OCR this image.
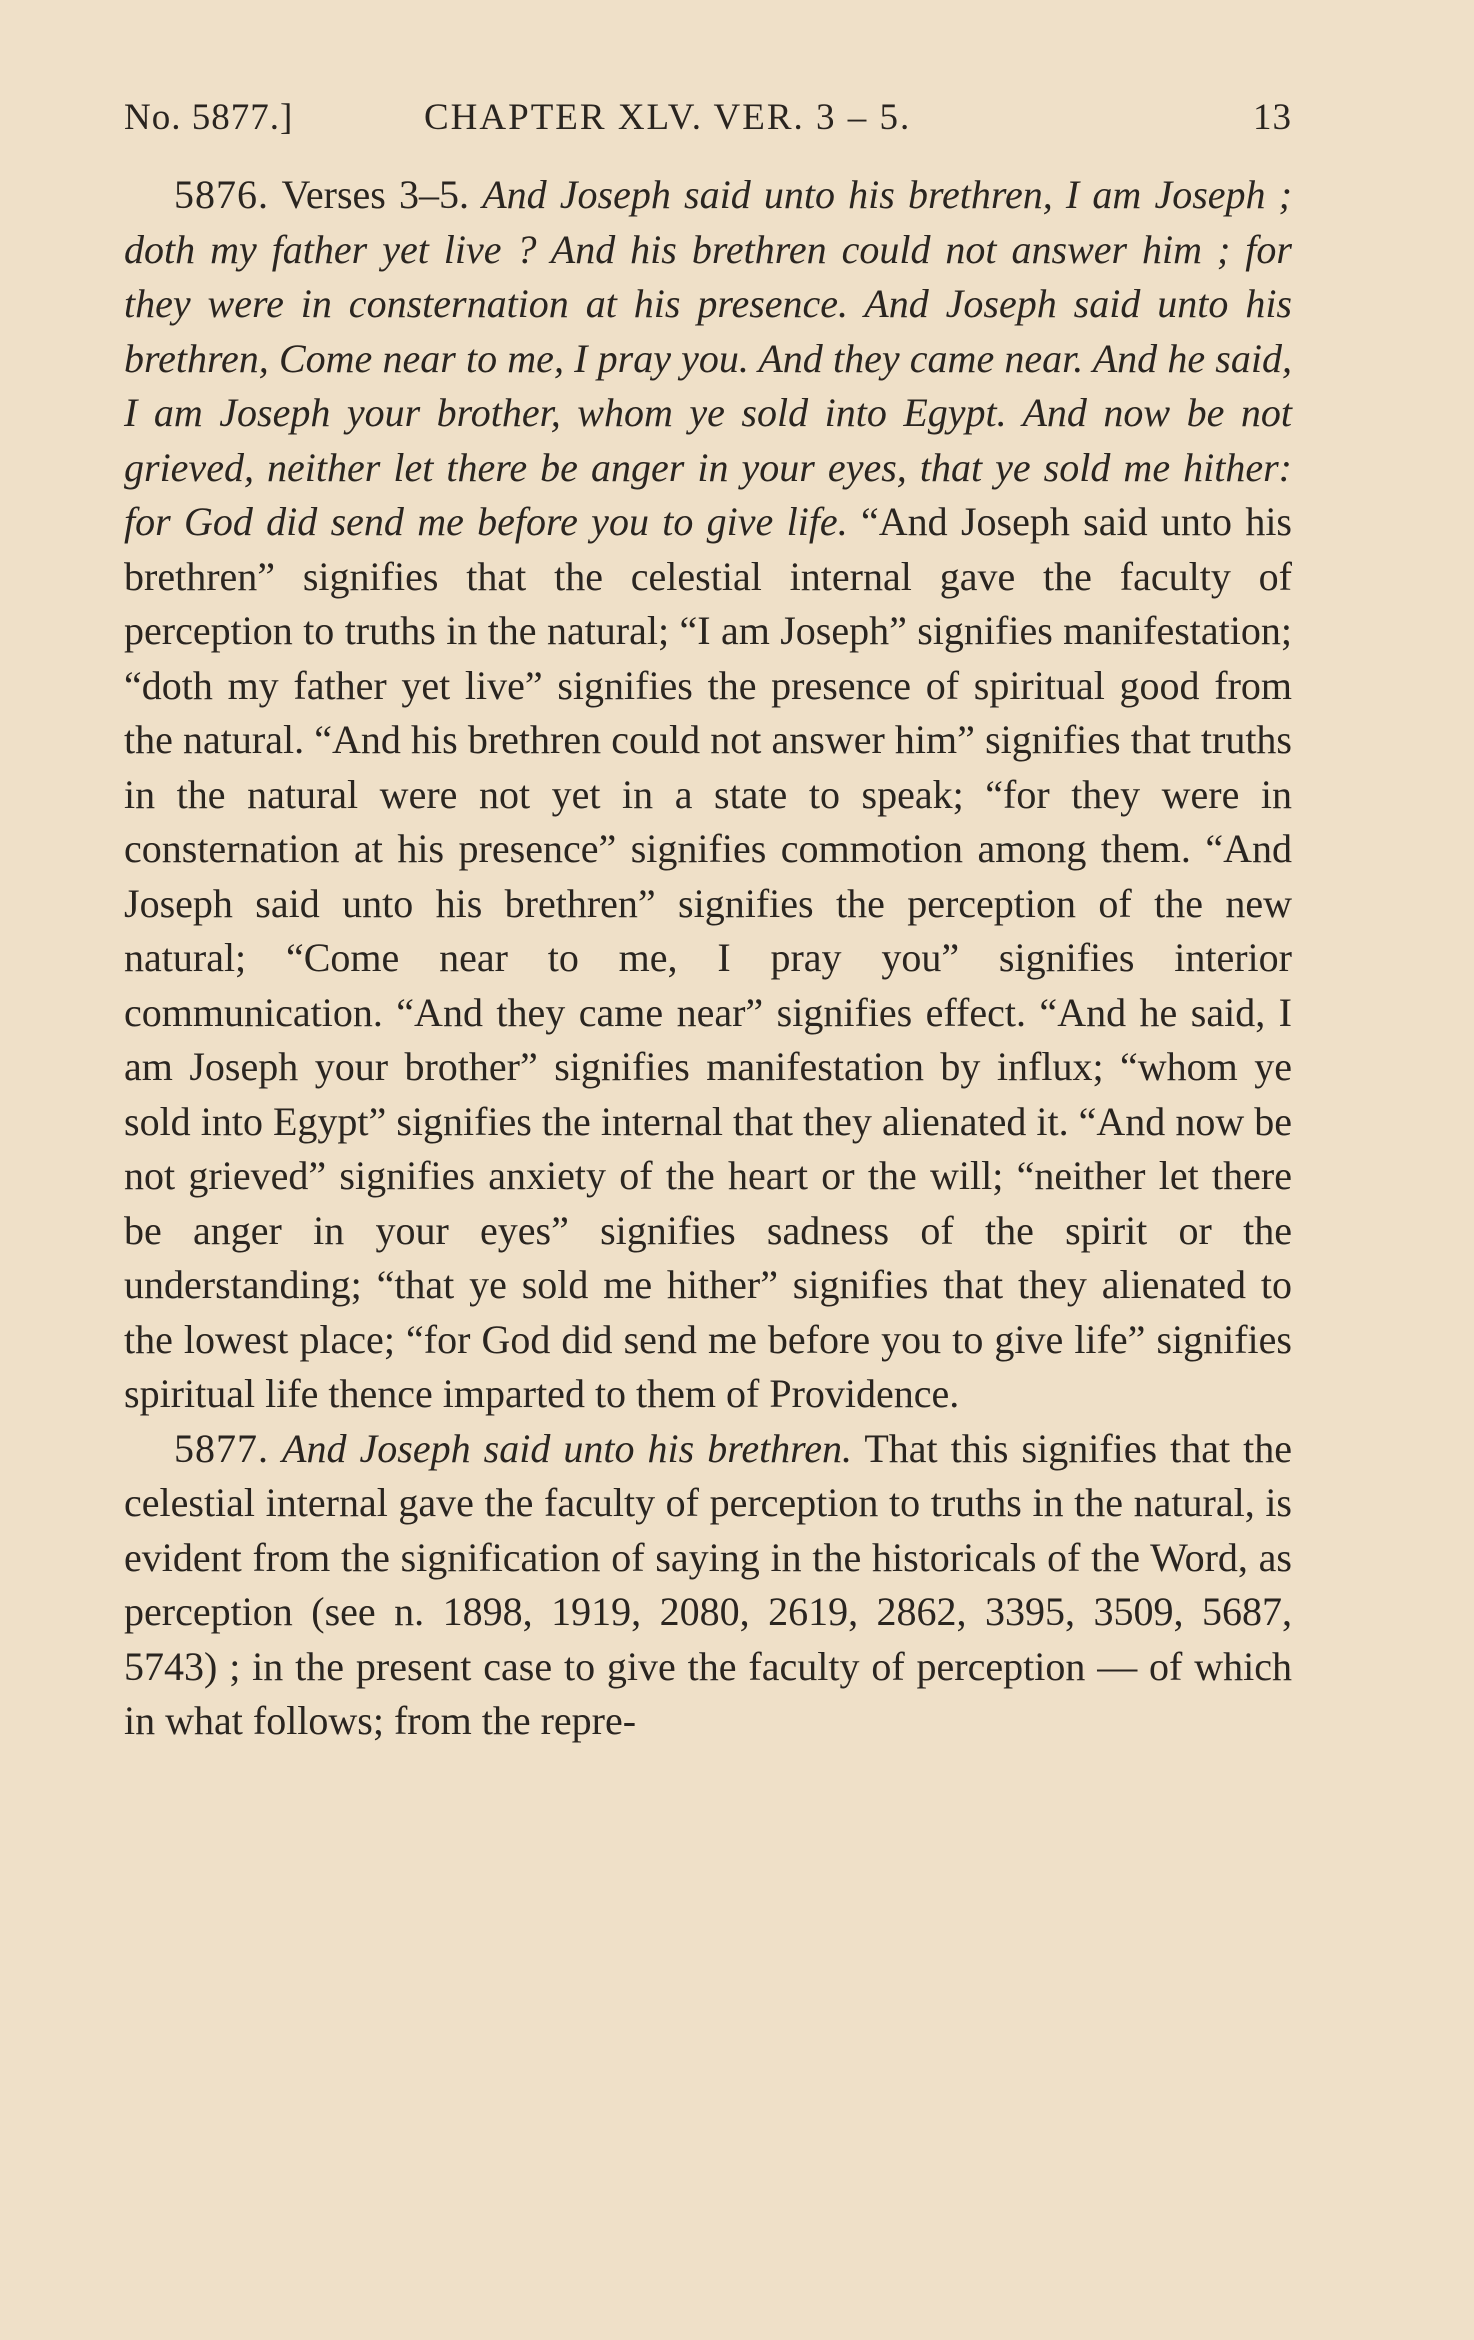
No. 5877.]	CHAPTER XLV. VER. 3 – 5.	13

5876. Verses 3–5. And Joseph said unto his brethren, I am Joseph ; doth my father yet live ? And his brethren could not answer him ; for they were in consternation at his presence. And Joseph said unto his brethren, Come near to me, I pray you. And they came near. And he said, I am Joseph your brother, whom ye sold into Egypt. And now be not grieved, neither let there be anger in your eyes, that ye sold me hither: for God did send me before you to give life. “And Joseph said unto his brethren” signifies that the celestial internal gave the faculty of perception to truths in the natural; “I am Joseph” signifies manifestation; “doth my father yet live” signifies the presence of spiritual good from the natural. “And his brethren could not answer him” signifies that truths in the natural were not yet in a state to speak; “for they were in consternation at his presence” signifies commotion among them. “And Joseph said unto his brethren” signifies the perception of the new natural; “Come near to me, I pray you” signifies interior communication. “And they came near” signifies effect. “And he said, I am Joseph your brother” signifies manifestation by influx; “whom ye sold into Egypt” signifies the internal that they alienated it. “And now be not grieved” signifies anxiety of the heart or the will; “neither let there be anger in your eyes” signifies sadness of the spirit or the understanding; “that ye sold me hither” signifies that they alienated to the lowest place; “for God did send me before you to give life” signifies spiritual life thence imparted to them of Providence.

5877. And Joseph said unto his brethren. That this signifies that the celestial internal gave the faculty of perception to truths in the natural, is evident from the signification of saying in the historicals of the Word, as perception (see n. 1898, 1919, 2080, 2619, 2862, 3395, 3509, 5687, 5743) ; in the present case to give the faculty of perception — of which in what follows; from the repre-
